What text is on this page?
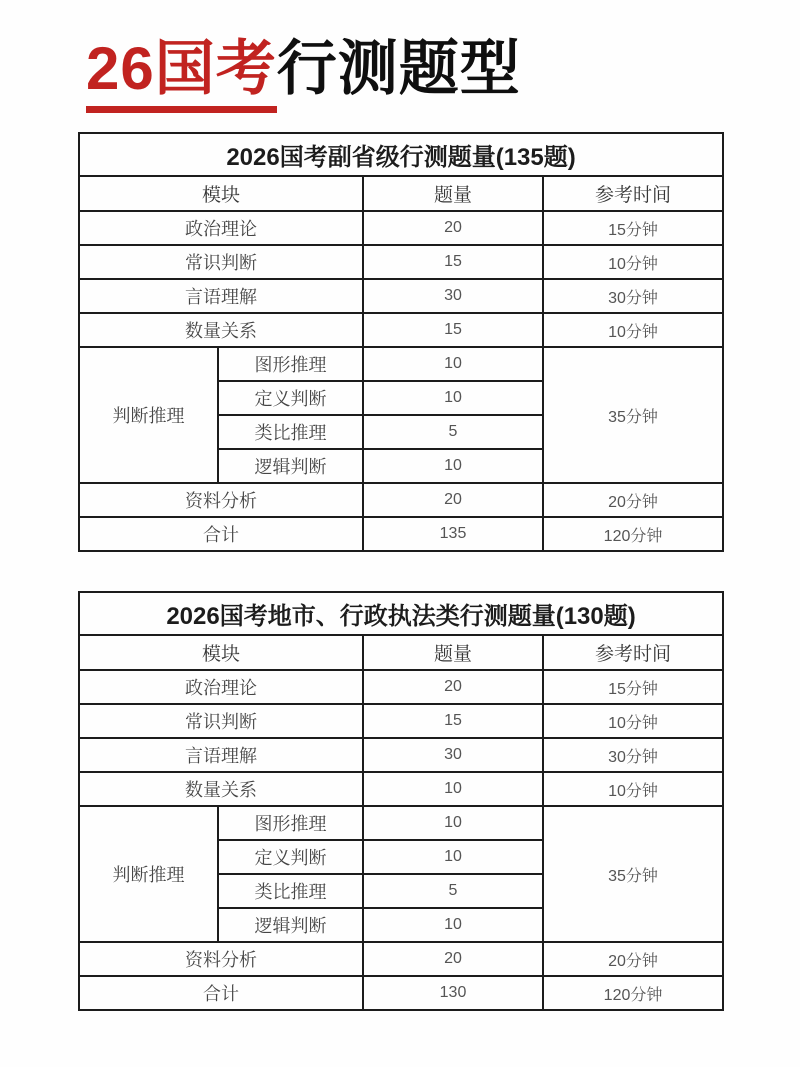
26国考行测题型
2026国考副省级行测题量(135题)			
模块		题量	参考时间
政治理论		20	15分钟
常识判断		15	10分钟
言语理解		30	30分钟
数量关系		15	10分钟
判断推理	图形推理	10	35分钟
	定义判断	10	
	类比推理	5	
	逻辑判断	10	
资料分析		20	20分钟
合计		135	120分钟
2026国考地市、行政执法类行测题量(130题)			
模块		题量	参考时间
政治理论		20	15分钟
常识判断		15	10分钟
言语理解		30	30分钟
数量关系		10	10分钟
判断推理	图形推理	10	35分钟
	定义判断	10	
	类比推理	5	
	逻辑判断	10	
资料分析		20	20分钟
合计		130	120分钟
